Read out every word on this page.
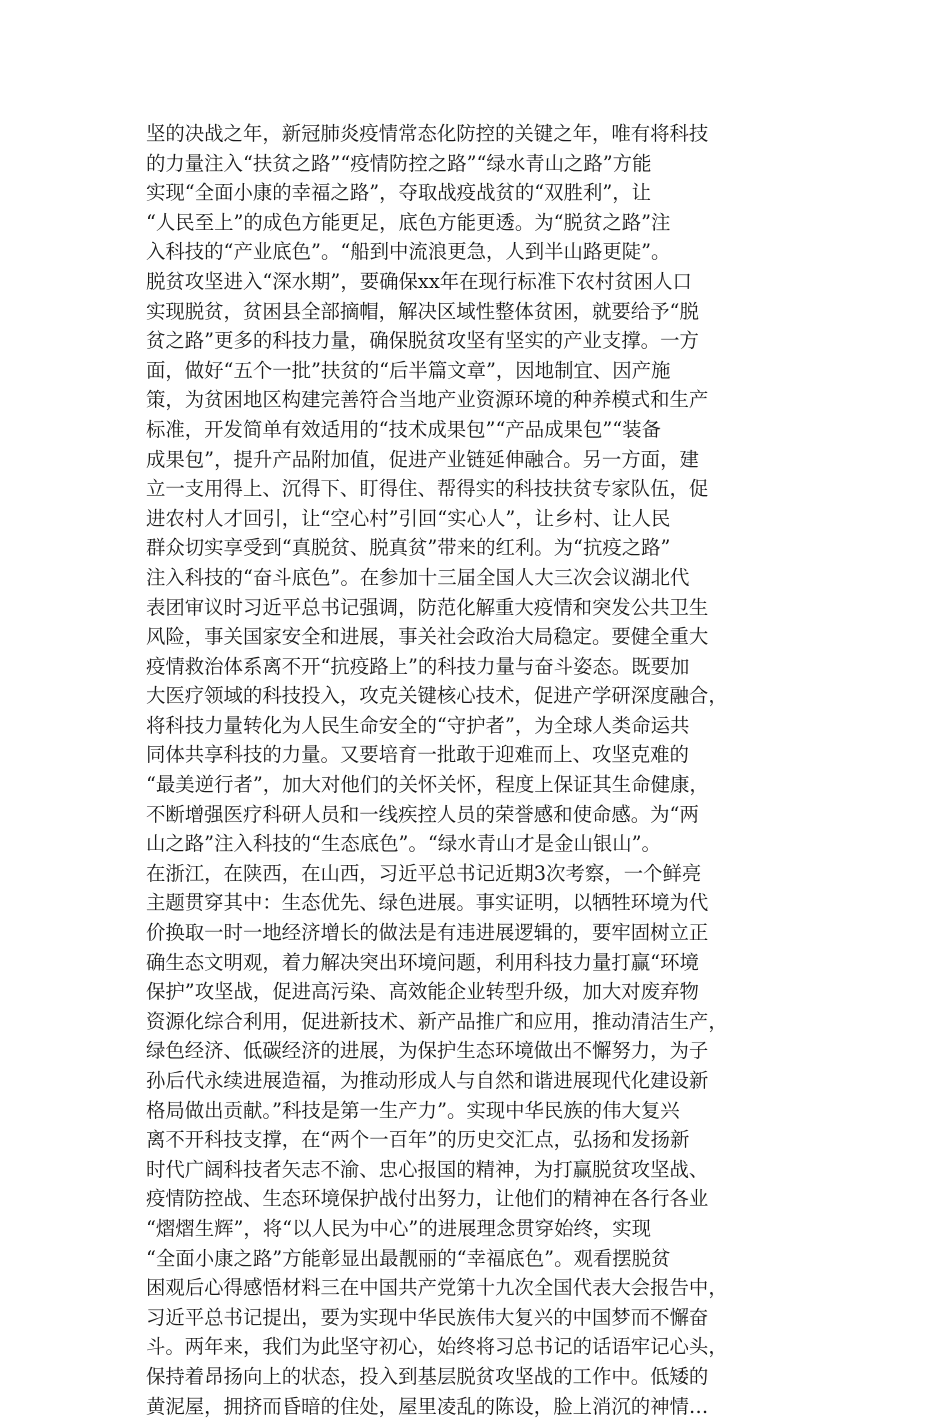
坚的决战之年，新冠肺炎疫情常态化防控的关键之年，唯有将科技
的力量注入“扶贫之路”“疫情防控之路”“绿水青山之路”方能
实现“全面小康的幸福之路”，夺取战疫战贫的“双胜利”，让
“人民至上”的成色方能更足，底色方能更透。为“脱贫之路”注
入科技的“产业底色”。“船到中流浪更急，人到半山路更陡”。
脱贫攻坚进入“深水期”，要确保xx年在现行标准下农村贫困人口
实现脱贫，贫困县全部摘帽，解决区域性整体贫困，就要给予“脱
贫之路”更多的科技力量，确保脱贫攻坚有坚实的产业支撑。一方
面，做好“五个一批”扶贫的“后半篇文章”，因地制宜、因产施
策，为贫困地区构建完善符合当地产业资源环境的种养模式和生产
标准，开发简单有效适用的“技术成果包”“产品成果包”“装备
成果包”，提升产品附加值，促进产业链延伸融合。另一方面，建
立一支用得上、沉得下、盯得住、帮得实的科技扶贫专家队伍，促
进农村人才回引，让“空心村”引回“实心人”，让乡村、让人民
群众切实享受到“真脱贫、脱真贫”带来的红利。为“抗疫之路”
注入科技的“奋斗底色”。在参加十三届全国人大三次会议湖北代
表团审议时习近平总书记强调，防范化解重大疫情和突发公共卫生
风险，事关国家安全和进展，事关社会政治大局稳定。要健全重大
疫情救治体系离不开“抗疫路上”的科技力量与奋斗姿态。既要加
大医疗领域的科技投入，攻克关键核心技术，促进产学研深度融合，
将科技力量转化为人民生命安全的“守护者”，为全球人类命运共
同体共享科技的力量。又要培育一批敢于迎难而上、攻坚克难的
“最美逆行者”，加大对他们的关怀关怀，程度上保证其生命健康，
不断增强医疗科研人员和一线疾控人员的荣誉感和使命感。为“两
山之路”注入科技的“生态底色”。“绿水青山才是金山银山”。
在浙江，在陕西，在山西，习近平总书记近期3次考察，一个鲜亮
主题贯穿其中：生态优先、绿色进展。事实证明，以牺牲环境为代
价换取一时一地经济增长的做法是有违进展逻辑的，要牢固树立正
确生态文明观，着力解决突出环境问题，利用科技力量打赢“环境
保护”攻坚战，促进高污染、高效能企业转型升级，加大对废弃物
资源化综合利用，促进新技术、新产品推广和应用，推动清洁生产，
绿色经济、低碳经济的进展，为保护生态环境做出不懈努力，为子
孙后代永续进展造福，为推动形成人与自然和谐进展现代化建设新
格局做出贡献。”科技是第一生产力”。实现中华民族的伟大复兴
离不开科技支撑，在“两个一百年”的历史交汇点，弘扬和发扬新
时代广阔科技者矢志不渝、忠心报国的精神，为打赢脱贫攻坚战、
疫情防控战、生态环境保护战付出努力，让他们的精神在各行各业
“熠熠生辉”，将“以人民为中心”的进展理念贯穿始终，实现
“全面小康之路”方能彰显出最靓丽的“幸福底色”。观看摆脱贫
困观后心得感悟材料三在中国共产党第十九次全国代表大会报告中，
习近平总书记提出，要为实现中华民族伟大复兴的中国梦而不懈奋
斗。两年来，我们为此坚守初心，始终将习总书记的话语牢记心头，
保持着昂扬向上的状态，投入到基层脱贫攻坚战的工作中。低矮的
黄泥屋，拥挤而昏暗的住处，屋里凌乱的陈设，脸上消沉的神情…
